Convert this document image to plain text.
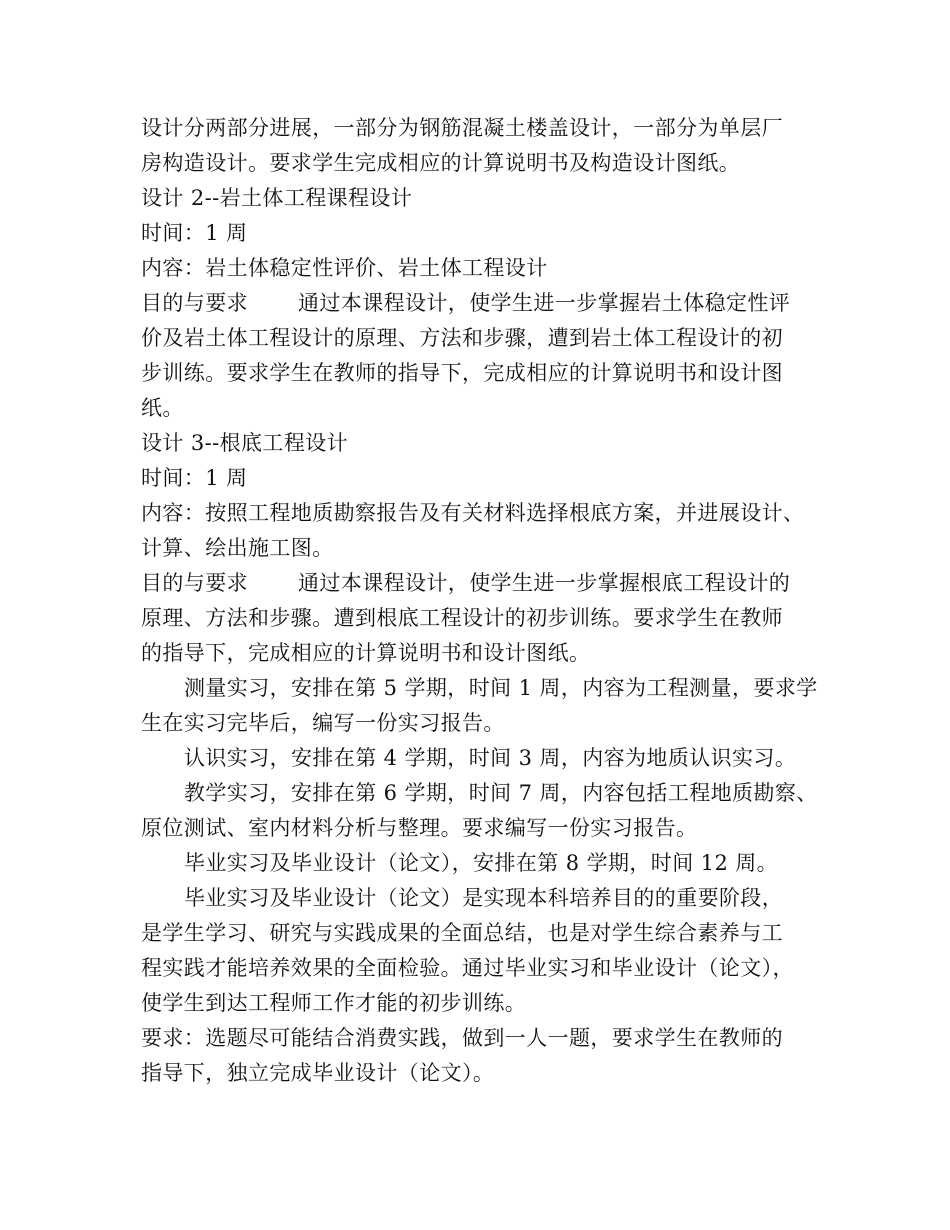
设计分两部分进展，一部分为钢筋混凝土楼盖设计，一部分为单层厂
房构造设计。要求学生完成相应的计算说明书及构造设计图纸。
设计 2--岩土体工程课程设计
时间：1 周
内容：岩土体稳定性评价、岩土体工程设计
目的与要求 通过本课程设计，使学生进一步掌握岩土体稳定性评
价及岩土体工程设计的原理、方法和步骤，遭到岩土体工程设计的初
步训练。要求学生在教师的指导下，完成相应的计算说明书和设计图
纸。
设计 3--根底工程设计
时间：1 周
内容：按照工程地质勘察报告及有关材料选择根底方案，并进展设计、
计算、绘出施工图。
目的与要求 通过本课程设计，使学生进一步掌握根底工程设计的
原理、方法和步骤。遭到根底工程设计的初步训练。要求学生在教师
的指导下，完成相应的计算说明书和设计图纸。
测量实习，安排在第 5 学期，时间 1 周，内容为工程测量，要求学
生在实习完毕后，编写一份实习报告。
认识实习，安排在第 4 学期，时间 3 周，内容为地质认识实习。
教学实习，安排在第 6 学期，时间 7 周，内容包括工程地质勘察、
原位测试、室内材料分析与整理。要求编写一份实习报告。
毕业实习及毕业设计（论文），安排在第 8 学期，时间 12 周。
毕业实习及毕业设计（论文）是实现本科培养目的的重要阶段，
是学生学习、研究与实践成果的全面总结，也是对学生综合素养与工
程实践才能培养效果的全面检验。通过毕业实习和毕业设计（论文），
使学生到达工程师工作才能的初步训练。
要求：选题尽可能结合消费实践，做到一人一题，要求学生在教师的
指导下，独立完成毕业设计（论文）。
